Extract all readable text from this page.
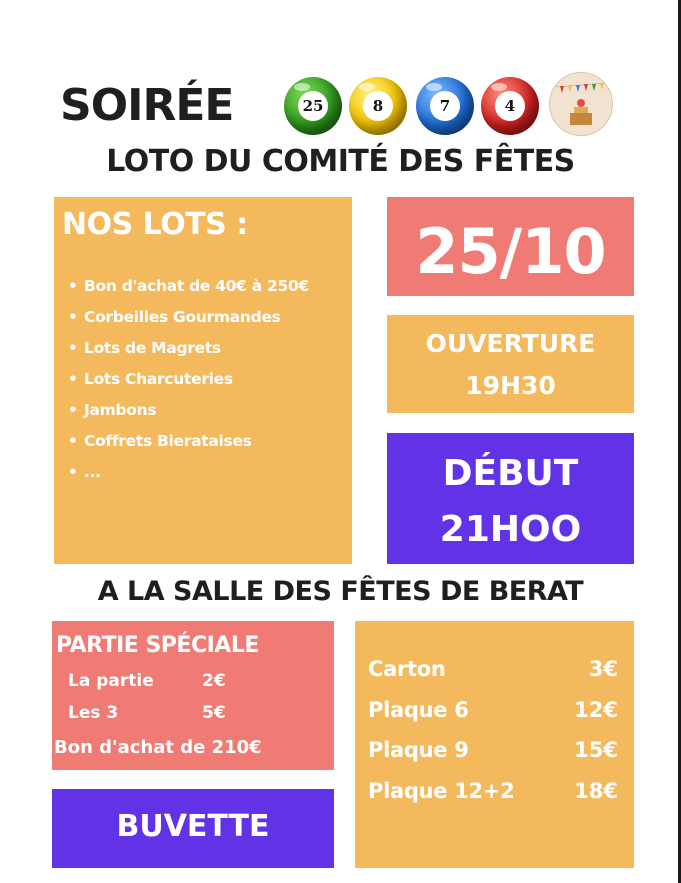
SOIRÉE	25	8	7	4
LOTO DU COMITÉ DES FÊTES
NOS LOTS :
• Bon d'achat de 40€ à 250€
• Corbeilles Gourmandes
• Lots de Magrets
• Lots Charcuteries
• Jambons
• Coffrets Bierataises
• ...
25/10
OUVERTURE
19H30
DÉBUT
21HOO
A LA SALLE DES FÊTES DE BERAT
PARTIE SPÉCIALE
La partie	2€
Les 3	5€
Bon d'achat de 210€
BUVETTE
Carton	3€
Plaque 6	12€
Plaque 9	15€
Plaque 12+2	18€
